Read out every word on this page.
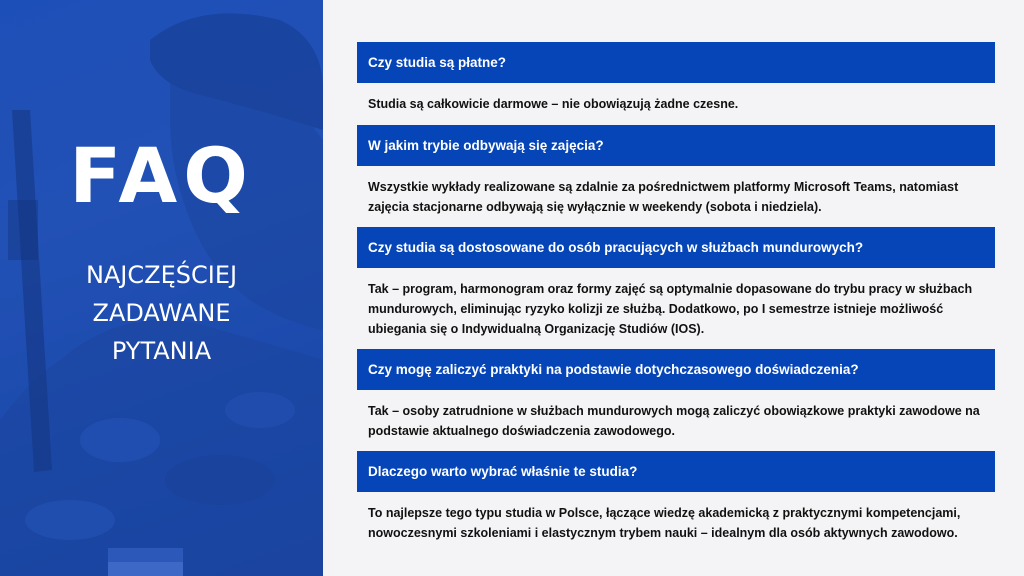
FAQ
NAJCZĘŚCIEJ
ZADAWANE
PYTANIA
Czy studia są płatne?
Studia są całkowicie darmowe – nie obowiązują żadne czesne.
W jakim trybie odbywają się zajęcia?
Wszystkie wykłady realizowane są zdalnie za pośrednictwem platformy Microsoft Teams, natomiast zajęcia stacjonarne odbywają się wyłącznie w weekendy (sobota i niedziela).
Czy studia są dostosowane do osób pracujących w służbach mundurowych?
Tak – program, harmonogram oraz formy zajęć są optymalnie dopasowane do trybu pracy w służbach mundurowych, eliminując ryzyko kolizji ze służbą. Dodatkowo, po I semestrze istnieje możliwość ubiegania się o Indywidualną Organizację Studiów (IOS).
Czy mogę zaliczyć praktyki na podstawie dotychczasowego doświadczenia?
Tak – osoby zatrudnione w służbach mundurowych mogą zaliczyć obowiązkowe praktyki zawodowe na podstawie aktualnego doświadczenia zawodowego.
Dlaczego warto wybrać właśnie te studia?
To najlepsze tego typu studia w Polsce, łączące wiedzę akademicką z praktycznymi kompetencjami, nowoczesnymi szkoleniami i elastycznym trybem nauki – idealnym dla osób aktywnych zawodowo.
